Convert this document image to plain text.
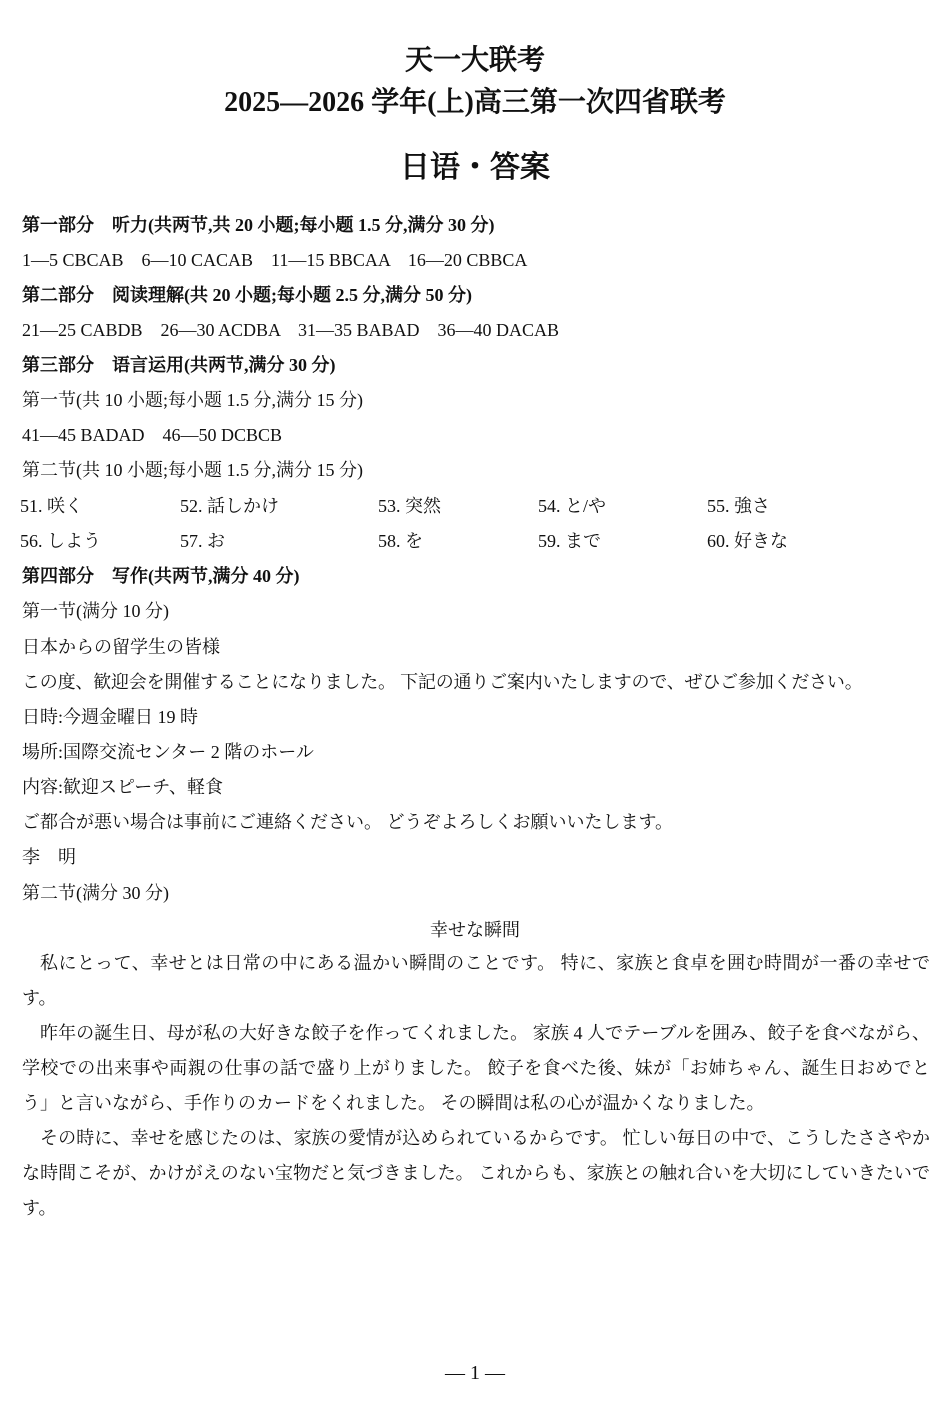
天一大联考
2025—2026 学年(上)高三第一次四省联考
日语・答案
第一部分　听力(共两节,共 20 小题;每小题 1.5 分,满分 30 分)
1—5 CBCAB　6—10 CACAB　11—15 BBCAA　16—20 CBBCA
第二部分　阅读理解(共 20 小题;每小题 2.5 分,满分 50 分)
21—25 CABDB　26—30 ACDBA　31—35 BABAD　36—40 DACAB
第三部分　语言运用(共两节,满分 30 分)
第一节(共 10 小题;每小题 1.5 分,满分 15 分)
41—45 BADAD　46—50 DCBCB
第二节(共 10 小题;每小题 1.5 分,满分 15 分)
51. 咲く	52. 話しかけ	53. 突然	54. と/や	55. 強さ
56. しよう	57. お	58. を	59. まで	60. 好きな
第四部分　写作(共两节,满分 40 分)
第一节(满分 10 分)
日本からの留学生の皆様
この度、歓迎会を開催することになりました。 下記の通りご案内いたしますので、ぜひご参加ください。
日時:今週金曜日 19 時
場所:国際交流センター 2 階のホール
内容:歓迎スピーチ、軽食
ご都合が悪い場合は事前にご連絡ください。 どうぞよろしくお願いいたします。
李　明
第二节(满分 30 分)
幸せな瞬間
私にとって、幸せとは日常の中にある温かい瞬間のことです。 特に、家族と食卓を囲む時間が一番の幸せです。
昨年の誕生日、母が私の大好きな餃子を作ってくれました。 家族 4 人でテーブルを囲み、餃子を食べながら、学校での出来事や両親の仕事の話で盛り上がりました。 餃子を食べた後、妹が「お姉ちゃん、誕生日おめでとう」と言いながら、手作りのカードをくれました。 その瞬間は私の心が温かくなりました。
その時に、幸せを感じたのは、家族の愛情が込められているからです。 忙しい毎日の中で、こうしたささやかな時間こそが、かけがえのない宝物だと気づきました。 これからも、家族との触れ合いを大切にしていきたいです。
— 1 —
